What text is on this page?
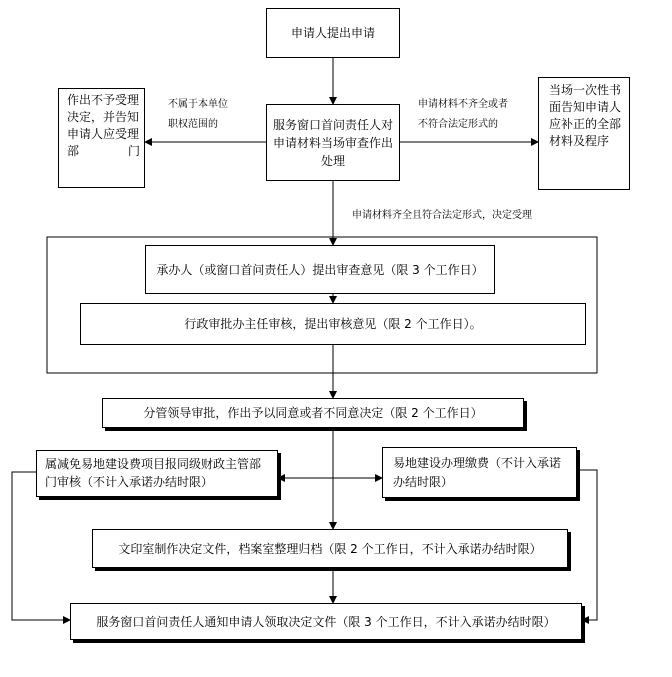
申请人提出申请
作出不予受理决定，并告知申请人应受理部门
服务窗口首问责任人对申请材料当场审查作出处理
当场一次性书面告知申请人应补正的全部材料及程序
不属于本单位
职权范围的
申请材料不齐全或者
不符合法定形式的
申请材料齐全且符合法定形式，决定受理
承办人（或窗口首问责任人）提出审查意见（限 3 个工作日）
行政审批办主任审核，提出审核意见（限 2 个工作日）。
分管领导审批，作出予以同意或者不同意决定（限 2 个工作日）
属减免易地建设费项目报同级财政主管部门审核（不计入承诺办结时限）
易地建设办理缴费（不计入承诺办结时限）
文印室制作决定文件，档案室整理归档（限 2 个工作日，不计入承诺办结时限）
服务窗口首问责任人通知申请人领取决定文件（限 3 个工作日，不计入承诺办结时限）
